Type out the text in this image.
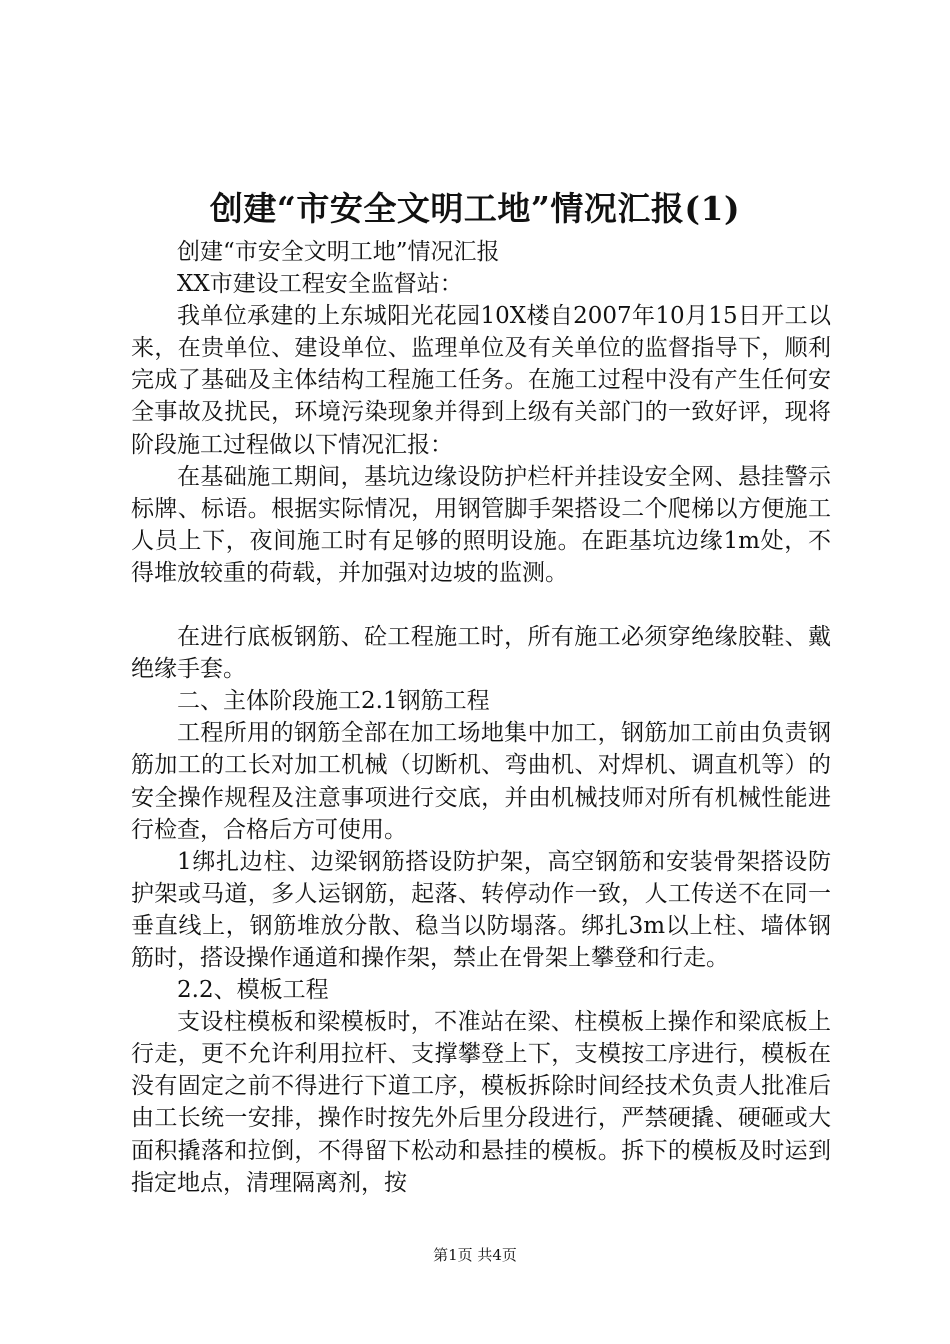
创建“市安全文明工地”情况汇报(1)

创建“市安全文明工地”情况汇报

XX市建设工程安全监督站：

我单位承建的上东城阳光花园10X楼自2007年10月15日开工以来，在贵单位、建设单位、监理单位及有关单位的监督指导下，顺利完成了基础及主体结构工程施工任务。在施工过程中没有产生任何安全事故及扰民，环境污染现象并得到上级有关部门的一致好评，现将阶段施工过程做以下情况汇报：

在基础施工期间，基坑边缘设防护栏杆并挂设安全网、悬挂警示标牌、标语。根据实际情况，用钢管脚手架搭设二个爬梯以方便施工人员上下，夜间施工时有足够的照明设施。在距基坑边缘1m处，不得堆放较重的荷载，并加强对边坡的监测。

在进行底板钢筋、砼工程施工时，所有施工必须穿绝缘胶鞋、戴绝缘手套。

二、主体阶段施工2.1钢筋工程

工程所用的钢筋全部在加工场地集中加工，钢筋加工前由负责钢筋加工的工长对加工机械（切断机、弯曲机、对焊机、调直机等）的安全操作规程及注意事项进行交底，并由机械技师对所有机械性能进行检查，合格后方可使用。

1绑扎边柱、边梁钢筋搭设防护架，高空钢筋和安装骨架搭设防护架或马道，多人运钢筋，起落、转停动作一致，人工传送不在同一垂直线上，钢筋堆放分散、稳当以防塌落。绑扎3m以上柱、墙体钢筋时，搭设操作通道和操作架，禁止在骨架上攀登和行走。

2.2、模板工程

支设柱模板和梁模板时，不准站在梁、柱模板上操作和梁底板上行走，更不允许利用拉杆、支撑攀登上下，支模按工序进行，模板在没有固定之前不得进行下道工序，模板拆除时间经技术负责人批准后由工长统一安排，操作时按先外后里分段进行，严禁硬撬、硬砸或大面积撬落和拉倒，不得留下松动和悬挂的模板。拆下的模板及时运到指定地点，清理隔离剂，按

第1页 共4页
